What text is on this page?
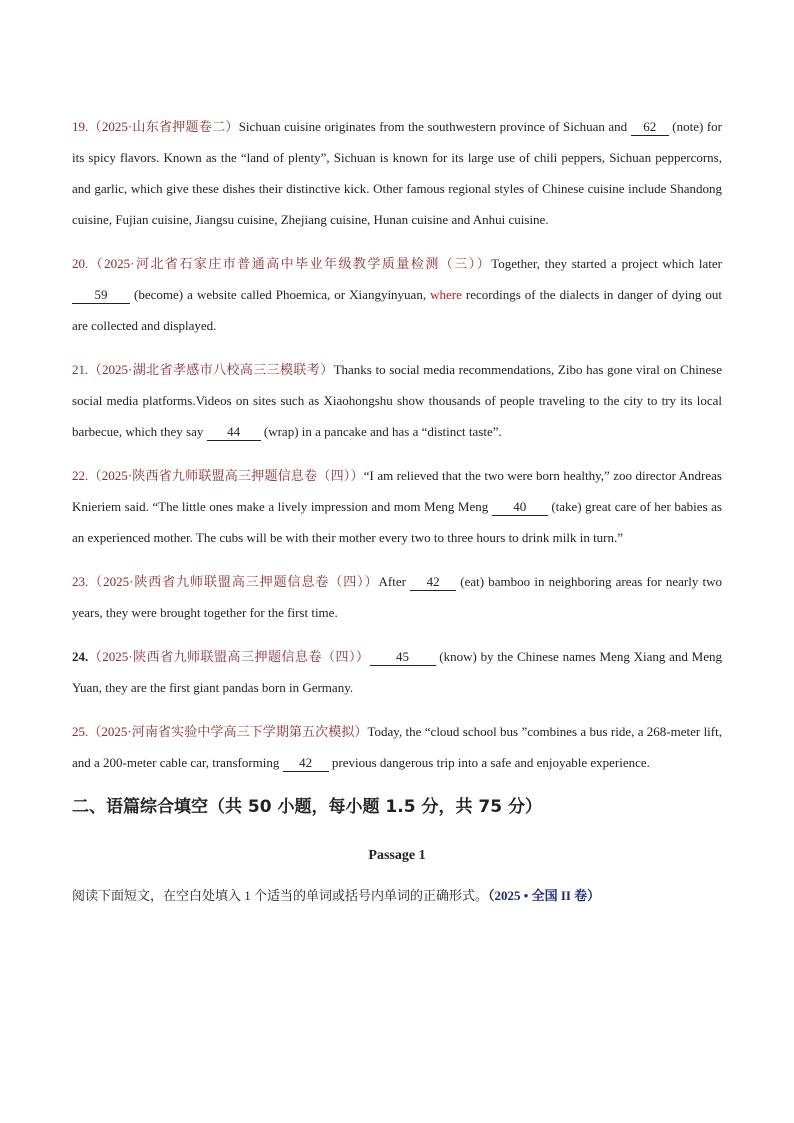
19.（2025·山东省押题卷二）Sichuan cuisine originates from the southwestern province of Sichuan and 62 (note) for its spicy flavors. Known as the “land of plenty”, Sichuan is known for its large use of chili peppers, Sichuan peppercorns, and garlic, which give these dishes their distinctive kick. Other famous regional styles of Chinese cuisine include Shandong cuisine, Fujian cuisine, Jiangsu cuisine, Zhejiang cuisine, Hunan cuisine and Anhui cuisine.

20.（2025·河北省石家庄市普通高中毕业年级教学质量检测（三））Together, they started a project which later 59 (become) a website called Phoemica, or Xiangyinyuan, where recordings of the dialects in danger of dying out are collected and displayed.

21.（2025·湖北省孝感市八校高三三模联考）Thanks to social media recommendations, Zibo has gone viral on Chinese social media platforms.Videos on sites such as Xiaohongshu show thousands of people traveling to the city to try its local barbecue, which they say 44 (wrap) in a pancake and has a “distinct taste”.

22.（2025·陕西省九师联盟高三押题信息卷（四））“I am relieved that the two were born healthy,” zoo director Andreas Knieriem said. “The little ones make a lively impression and mom Meng Meng 40 (take) great care of her babies as an experienced mother. The cubs will be with their mother every two to three hours to drink milk in turn.”

23.（2025·陕西省九师联盟高三押题信息卷（四））After 42 (eat) bamboo in neighboring areas for nearly two years, they were brought together for the first time.

24.（2025·陕西省九师联盟高三押题信息卷（四）） 45 (know) by the Chinese names Meng Xiang and Meng Yuan, they are the first giant pandas born in Germany.

25.（2025·河南省实验中学高三下学期第五次模拟）Today, the “cloud school bus ”combines a bus ride, a 268-meter lift, and a 200-meter cable car, transforming 42 previous dangerous trip into a safe and enjoyable experience.

二、语篇综合填空（共 50 小题，每小题 1.5 分，共 75 分）
Passage 1
阅读下面短文，在空白处填入 1 个适当的单词或括号内单词的正确形式。（2025 • 全国 II 卷）
